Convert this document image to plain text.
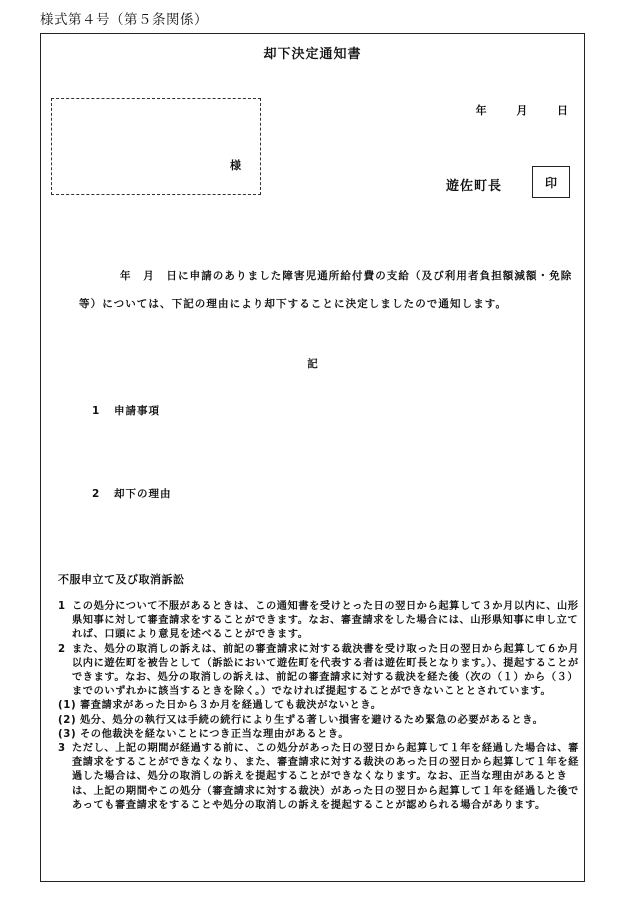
様式第４号（第５条関係）
却下決定通知書
年	月	日
様
遊佐町長	印
年　月　日に申請のありました障害児通所給付費の支給（及び利用者負担額減額・免除等）については、下記の理由により却下することに決定しましたので通知します。
記
1 申請事項
2 却下の理由
不服申立て及び取消訴訟
1 この処分について不服があるときは、この通知書を受けとった日の翌日から起算して３か月以内に、山形県知事に対して審査請求をすることができます。なお、審査請求をした場合には、山形県知事に申し立てれば、口頭により意見を述べることができます。
2 また、処分の取消しの訴えは、前記の審査請求に対する裁決書を受け取った日の翌日から起算して６か月以内に遊佐町を被告として（訴訟において遊佐町を代表する者は遊佐町長となります。）、提起することができます。なお、処分の取消しの訴えは、前記の審査請求に対する裁決を経た後（次の（１）から（３）までのいずれかに該当するときを除く。）でなければ提起することができないこととされています。
(1) 審査請求があった日から３か月を経過しても裁決がないとき。
(2) 処分、処分の執行又は手続の続行により生ずる著しい損害を避けるため緊急の必要があるとき。
(3) その他裁決を経ないことにつき正当な理由があるとき。
3 ただし、上記の期間が経過する前に、この処分があった日の翌日から起算して１年を経過した場合は、審査請求をすることができなくなり、また、審査請求に対する裁決のあった日の翌日から起算して１年を経過した場合は、処分の取消しの訴えを提起することができなくなります。なお、正当な理由があるときは、上記の期間やこの処分（審査請求に対する裁決）があった日の翌日から起算して１年を経過した後であっても審査請求をすることや処分の取消しの訴えを提起することが認められる場合があります。
